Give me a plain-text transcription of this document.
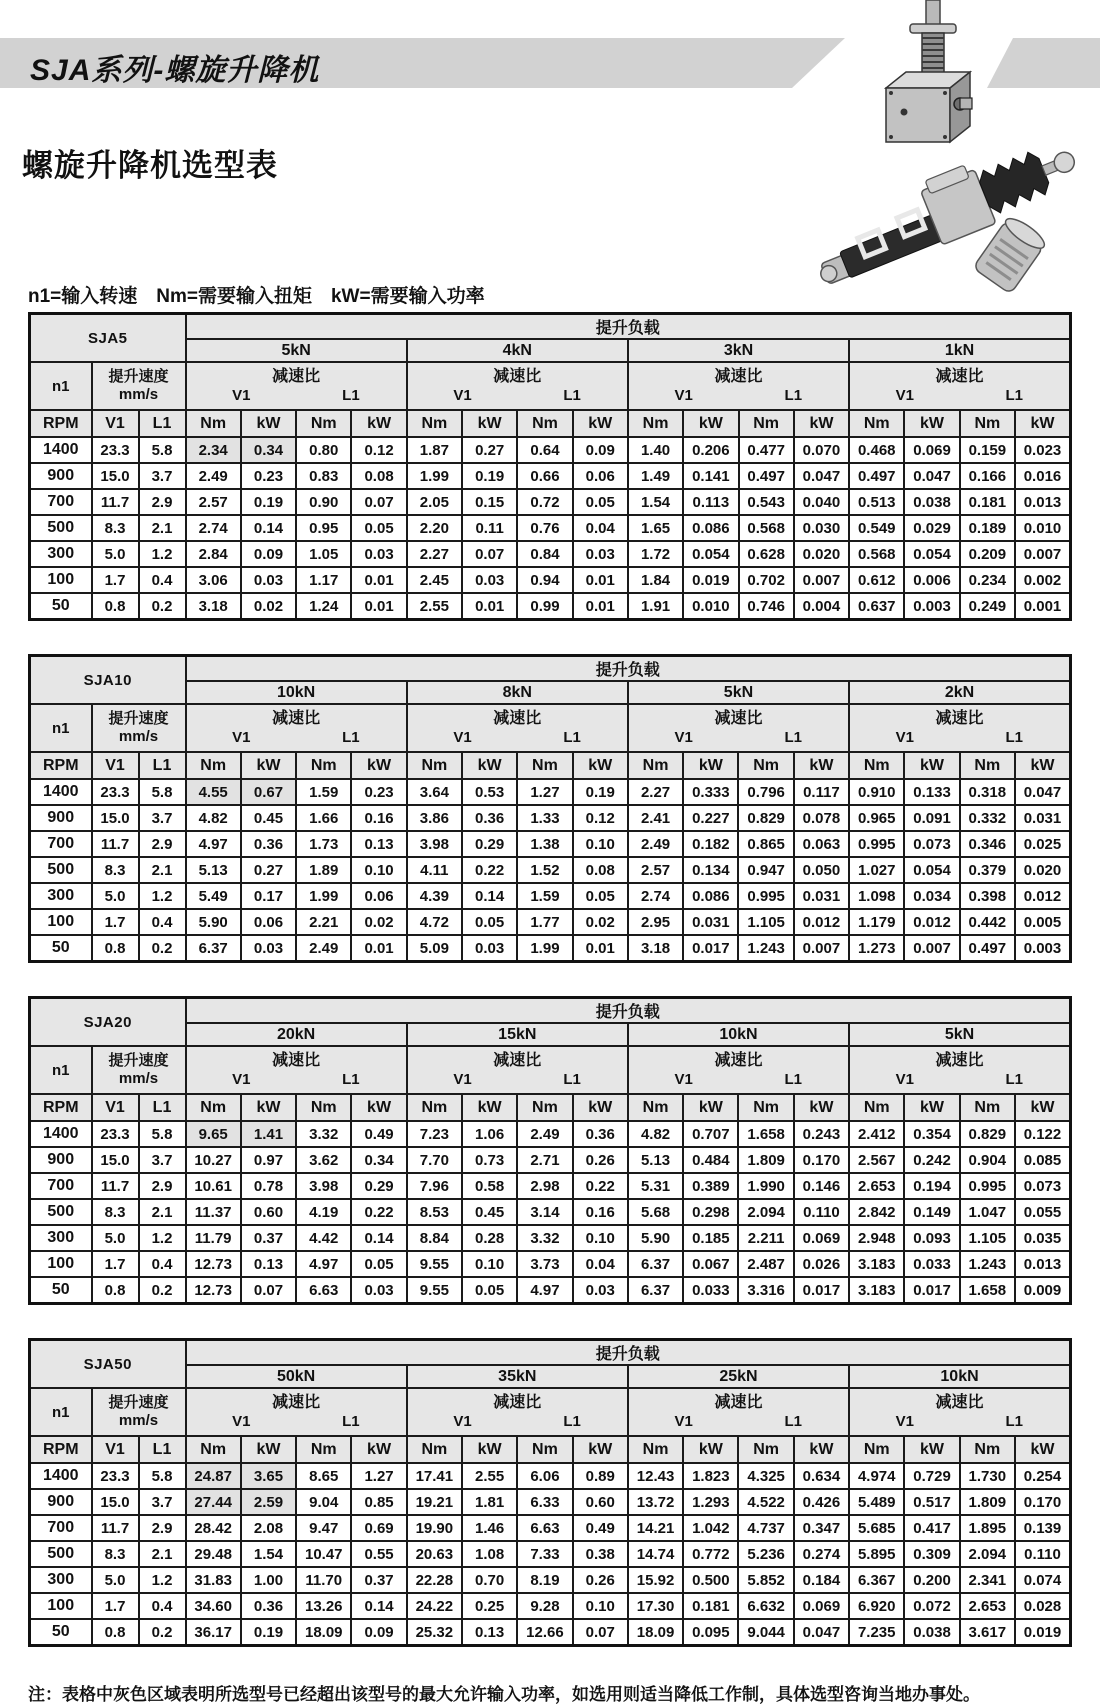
SJA系列-螺旋升降机
螺旋升降机选型表
n1=输入转速　Nm=需要输入扭矩　kW=需要输入功率
SJA5			提升负载															
			5kN				4kN				3kN				1kN			
n1	提升速度
mm/s	
减速比
V1	L1

减速比
V1	L1

减速比
V1	L1

减速比
V1	L1

RPM	V1	L1	Nm	kW	Nm	kW	Nm	kW	Nm	kW	Nm	kW	Nm	kW	Nm	kW	Nm	kW
1400	23.3	5.8	2.34	0.34	0.80	0.12	1.87	0.27	0.64	0.09	1.40	0.206	0.477	0.070	0.468	0.069	0.159	0.023
900	15.0	3.7	2.49	0.23	0.83	0.08	1.99	0.19	0.66	0.06	1.49	0.141	0.497	0.047	0.497	0.047	0.166	0.016
700	11.7	2.9	2.57	0.19	0.90	0.07	2.05	0.15	0.72	0.05	1.54	0.113	0.543	0.040	0.513	0.038	0.181	0.013
500	8.3	2.1	2.74	0.14	0.95	0.05	2.20	0.11	0.76	0.04	1.65	0.086	0.568	0.030	0.549	0.029	0.189	0.010
300	5.0	1.2	2.84	0.09	1.05	0.03	2.27	0.07	0.84	0.03	1.72	0.054	0.628	0.020	0.568	0.054	0.209	0.007
100	1.7	0.4	3.06	0.03	1.17	0.01	2.45	0.03	0.94	0.01	1.84	0.019	0.702	0.007	0.612	0.006	0.234	0.002
50	0.8	0.2	3.18	0.02	1.24	0.01	2.55	0.01	0.99	0.01	1.91	0.010	0.746	0.004	0.637	0.003	0.249	0.001
SJA10			提升负载															
			10kN				8kN				5kN				2kN			
n1	提升速度
mm/s	
减速比
V1	L1

减速比
V1	L1

减速比
V1	L1

减速比
V1	L1

RPM	V1	L1	Nm	kW	Nm	kW	Nm	kW	Nm	kW	Nm	kW	Nm	kW	Nm	kW	Nm	kW
1400	23.3	5.8	4.55	0.67	1.59	0.23	3.64	0.53	1.27	0.19	2.27	0.333	0.796	0.117	0.910	0.133	0.318	0.047
900	15.0	3.7	4.82	0.45	1.66	0.16	3.86	0.36	1.33	0.12	2.41	0.227	0.829	0.078	0.965	0.091	0.332	0.031
700	11.7	2.9	4.97	0.36	1.73	0.13	3.98	0.29	1.38	0.10	2.49	0.182	0.865	0.063	0.995	0.073	0.346	0.025
500	8.3	2.1	5.13	0.27	1.89	0.10	4.11	0.22	1.52	0.08	2.57	0.134	0.947	0.050	1.027	0.054	0.379	0.020
300	5.0	1.2	5.49	0.17	1.99	0.06	4.39	0.14	1.59	0.05	2.74	0.086	0.995	0.031	1.098	0.034	0.398	0.012
100	1.7	0.4	5.90	0.06	2.21	0.02	4.72	0.05	1.77	0.02	2.95	0.031	1.105	0.012	1.179	0.012	0.442	0.005
50	0.8	0.2	6.37	0.03	2.49	0.01	5.09	0.03	1.99	0.01	3.18	0.017	1.243	0.007	1.273	0.007	0.497	0.003
SJA20			提升负载															
			20kN				15kN				10kN				5kN			
n1	提升速度
mm/s	
减速比
V1	L1

减速比
V1	L1

减速比
V1	L1

减速比
V1	L1

RPM	V1	L1	Nm	kW	Nm	kW	Nm	kW	Nm	kW	Nm	kW	Nm	kW	Nm	kW	Nm	kW
1400	23.3	5.8	9.65	1.41	3.32	0.49	7.23	1.06	2.49	0.36	4.82	0.707	1.658	0.243	2.412	0.354	0.829	0.122
900	15.0	3.7	10.27	0.97	3.62	0.34	7.70	0.73	2.71	0.26	5.13	0.484	1.809	0.170	2.567	0.242	0.904	0.085
700	11.7	2.9	10.61	0.78	3.98	0.29	7.96	0.58	2.98	0.22	5.31	0.389	1.990	0.146	2.653	0.194	0.995	0.073
500	8.3	2.1	11.37	0.60	4.19	0.22	8.53	0.45	3.14	0.16	5.68	0.298	2.094	0.110	2.842	0.149	1.047	0.055
300	5.0	1.2	11.79	0.37	4.42	0.14	8.84	0.28	3.32	0.10	5.90	0.185	2.211	0.069	2.948	0.093	1.105	0.035
100	1.7	0.4	12.73	0.13	4.97	0.05	9.55	0.10	3.73	0.04	6.37	0.067	2.487	0.026	3.183	0.033	1.243	0.013
50	0.8	0.2	12.73	0.07	6.63	0.03	9.55	0.05	4.97	0.03	6.37	0.033	3.316	0.017	3.183	0.017	1.658	0.009
SJA50			提升负载															
			50kN				35kN				25kN				10kN			
n1	提升速度
mm/s	
减速比
V1	L1

减速比
V1	L1

减速比
V1	L1

减速比
V1	L1

RPM	V1	L1	Nm	kW	Nm	kW	Nm	kW	Nm	kW	Nm	kW	Nm	kW	Nm	kW	Nm	kW
1400	23.3	5.8	24.87	3.65	8.65	1.27	17.41	2.55	6.06	0.89	12.43	1.823	4.325	0.634	4.974	0.729	1.730	0.254
900	15.0	3.7	27.44	2.59	9.04	0.85	19.21	1.81	6.33	0.60	13.72	1.293	4.522	0.426	5.489	0.517	1.809	0.170
700	11.7	2.9	28.42	2.08	9.47	0.69	19.90	1.46	6.63	0.49	14.21	1.042	4.737	0.347	5.685	0.417	1.895	0.139
500	8.3	2.1	29.48	1.54	10.47	0.55	20.63	1.08	7.33	0.38	14.74	0.772	5.236	0.274	5.895	0.309	2.094	0.110
300	5.0	1.2	31.83	1.00	11.70	0.37	22.28	0.70	8.19	0.26	15.92	0.500	5.852	0.184	6.367	0.200	2.341	0.074
100	1.7	0.4	34.60	0.36	13.26	0.14	24.22	0.25	9.28	0.10	17.30	0.181	6.632	0.069	6.920	0.072	2.653	0.028
50	0.8	0.2	36.17	0.19	18.09	0.09	25.32	0.13	12.66	0.07	18.09	0.095	9.044	0.047	7.235	0.038	3.617	0.019
注：表格中灰色区域表明所选型号已经超出该型号的最大允许输入功率，如选用则适当降低工作制，具体选型咨询当地办事处。
